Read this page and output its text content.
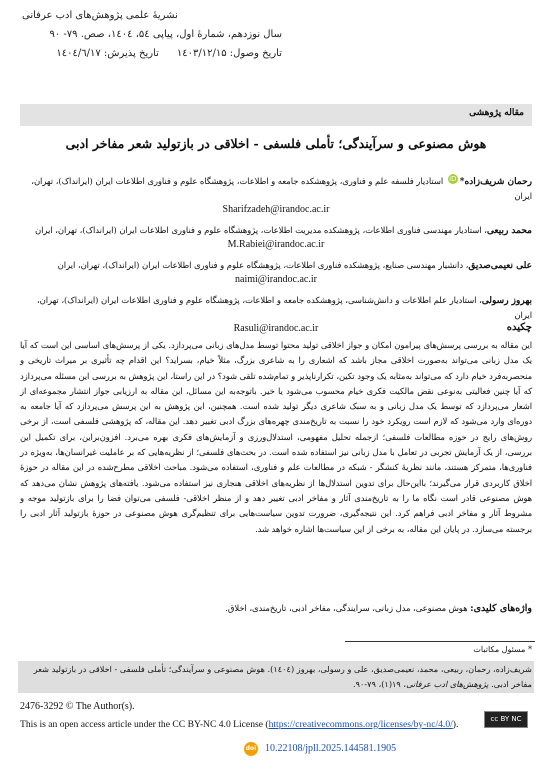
نشریهٔ علمی پژوهش‌های ادب عرفانی
سال نوزدهم، شمارهٔ اول، پیاپی ۵٤، ۱٤۰٤، صص. ۷۹- ۹۰
تاریخ وصول: ۱٤۰۳/۱۲/۱۵
تاریخ پذیرش: ۱٤۰٤/٦/۱۷
مقاله پژوهشی
هوش مصنوعی و سرآیندگی؛ تأملی فلسفی - اخلاقی در بازتولید شعر مفاخر ادبی
رحمان شریف‌زاده*iD استادیار فلسفه علم و فناوری، پژوهشکده جامعه و اطلاعات، پژوهشگاه علوم و فناوری اطلاعات ایران (ایرانداک)، تهران، ایران
Sharifzadeh@irandoc.ac.ir
محمد ربیعی، استادیار مهندسی فناوری اطلاعات، پژوهشکده مدیریت اطلاعات، پژوهشگاه علوم و فناوری اطلاعات ایران (ایرانداک)، تهران، ایران
M.Rabiei@irandoc.ac.ir
علی نعیمی‌صدیق، دانشیار مهندسی صنایع، پژوهشکده فناوری اطلاعات، پژوهشگاه علوم و فناوری اطلاعات ایران (ایرانداک)، تهران، ایران
naimi@irandoc.ac.ir
بهروز رسولی، استادیار علم اطلاعات و دانش‌شناسی، پژوهشکده جامعه و اطلاعات، پژوهشگاه علوم و فناوری اطلاعات ایران (ایرانداک)، تهران، ایران
Rasuli@irandoc.ac.ir	چکیده
این مقاله به بررسی پرسش‌های پیرامون امکان و جواز اخلاقی تولید محتوا توسط مدل‌های زبانی می‌پردازد. یکی از پرسش‌های اساسی این است که آیا یک مدل زبانی می‌تواند به‌صورت اخلاقی مجاز باشد که اشعاری را به شاعری بزرگ، مثلاً خیام، بسراید؟ این اقدام چه تأثیری بر میراث تاریخی و منحصربه‌فرد خیام دارد که می‌تواند به‌مثابه یک وجود تکین، تکرارناپذیر و تمام‌شده تلقی شود؟ در این راستا، این پژوهش به بررسی این مسئله می‌پردازد که آیا چنین فعالیتی به‌نوعی نقض مالکیت فکری خیام محسوب می‌شود یا خیر. باتوجه‌به این مسائل، این مقاله به ارزیابی جواز انتشار مجموعه‌ای از اشعار می‌پردازد که توسط یک مدل زبانی و به سبک شاعری دیگر تولید شده است. همچنین، این پژوهش به این پرسش می‌پردازد که آیا جامعه به دوره‌ای وارد می‌شود که لازم است رویکرد خود را نسبت به تاریخ‌مندی چهره‌های بزرگ ادبی تغییر دهد. این مقاله، که پژوهشی فلسفی است، از برخی روش‌های رایج در حوزه مطالعات فلسفی؛ ازجمله تحلیل مفهومی، استدلال‌ورزی و آزمایش‌های فکری بهره می‌برد. افزون‌براین، برای تکمیل این بررسی، از یک آزمایش تجربی در تعامل با مدل زبانی نیز استفاده شده است. در بحث‌های فلسفی؛ از نظریه‌هایی که بر عاملیت غیرانسان‌ها، به‌ویژه در فناوری‌ها، متمرکز هستند، مانند نظریهٔ کنشگر - شبکه در مطالعات علم و فناوری، استفاده می‌شود. مباحث اخلاقی مطرح‌شده در این مقاله در حوزهٔ اخلاق کاربردی قرار می‌گیرند؛ بااین‌حال برای تدوین استدلال‌ها از نظریه‌های اخلاقی هنجاری نیز استفاده می‌شود. یافته‌های پژوهش نشان می‌دهد که هوش مصنوعی قادر است نگاه ما را به تاریخ‌مندی آثار و مفاخر ادبی تغییر دهد و از منظر اخلاقی- فلسفی می‌توان فضا را برای بازتولید موجه و مشروط آثار و مفاخر ادبی فراهم کرد. این نتیجه‌گیری، ضرورت تدوین سیاست‌هایی برای تنظیم‌گری هوش مصنوعی در حوزهٔ بازتولید آثار ادبی را برجسته می‌سازد. در پایان این مقاله، به برخی از این سیاست‌ها اشاره خواهد شد.
واژه‌های کلیدی: هوش مصنوعی، مدل زبانی، سرایندگی، مفاخر ادبی، تاریخ‌مندی، اخلاق.
* مسئول مکاتبات
شریف‌زاده، رحمان، ربیعی، محمد، نعیمی‌صدیق، علی و رسولی، بهروز (۱٤۰٤). هوش مصنوعی و سرآیندگی؛ تأملی فلسفی - اخلاقی در بازتولید شعر مفاخر ادبی. پژوهش‌های ادب عرفانی، ۱۹(۱)، ۷۹-۹۰.
2476-3292 © The Author(s).
This is an open access article under the CC BY-NC 4.0 License (https://creativecommons.org/licenses/by-nc/4.0/).	cc BY NC
doi 10.22108/jpll.2025.144581.1905
